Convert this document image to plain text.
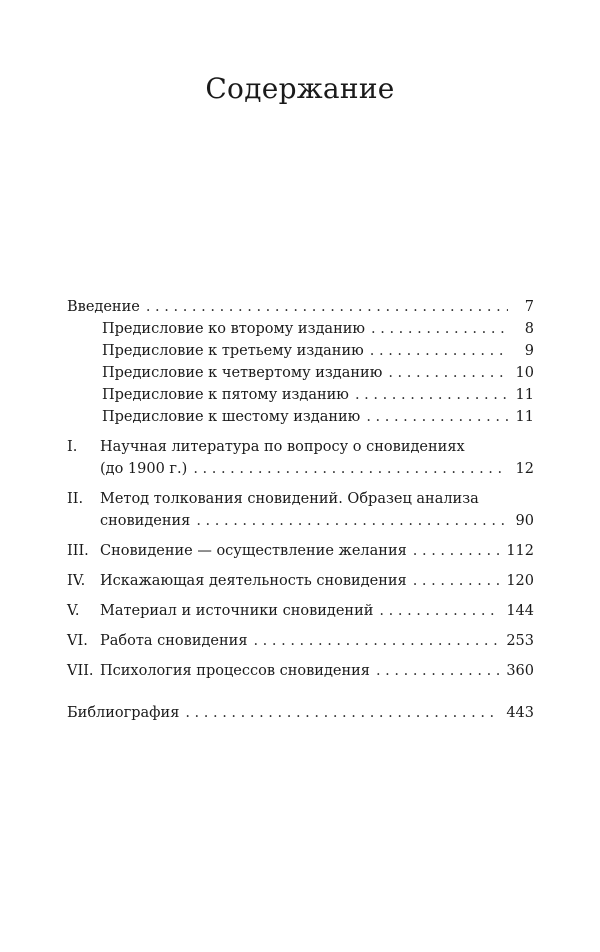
Содержание
Введение . . .	7
Предисловие ко второму изданию . . .	8
Предисловие к третьему изданию . . .	9
Предисловие к четвертому изданию . . .	10
Предисловие к пятому изданию . . .	11
Предисловие к шестому изданию . . .	11
I.	Научная литература по вопросу о сновидениях
(до 1900 г.) . . .	12
II.	Метод толкования сновидений. Образец анализа
сновидения . . .	90
III. Сновидение — осуществление желания . . .	112
IV.	Искажающая деятельность сновидения . . .	120
V.	Материал и источники сновидений . . .	144
VI. Работа сновидения . . .	253
VII. Психология процессов сновидения . . .	360
Библиография . . .	443
